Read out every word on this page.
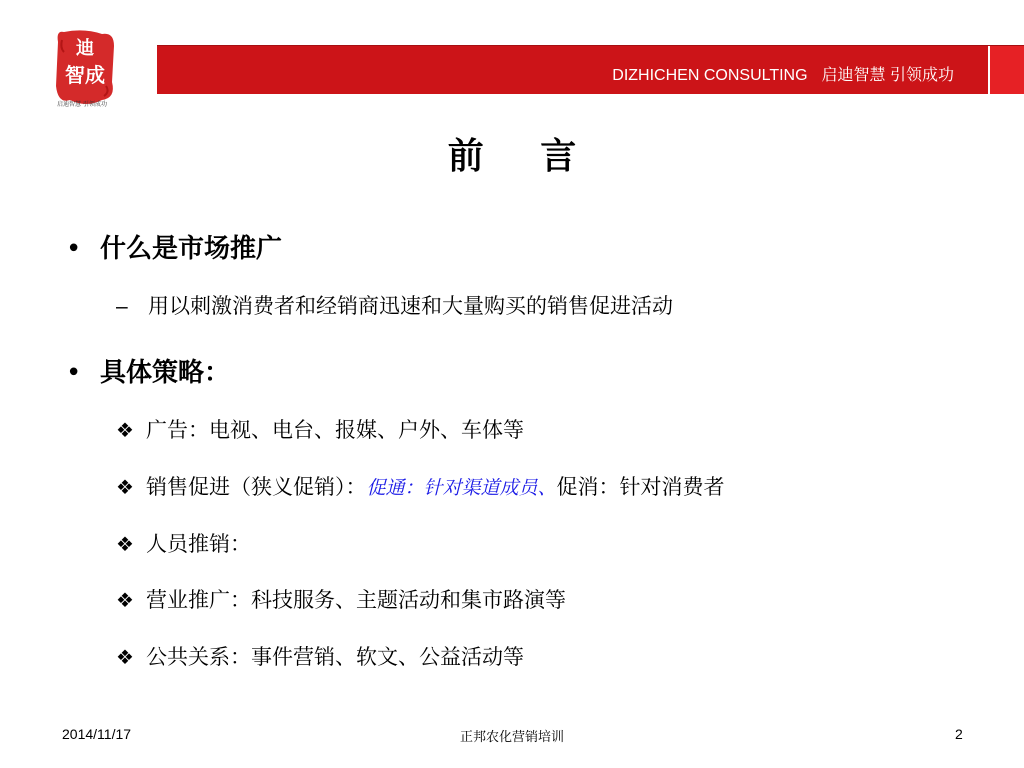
迪
智成
启迪智慧 引领成功
DIZHICHEN CONSULTING 启迪智慧 引领成功
前 言
• 什么是市场推广
– 用以刺激消费者和经销商迅速和大量购买的销售促进活动
• 具体策略：
❖ 广告：电视、电台、报媒、户外、车体等
❖ 销售促进（狭义促销）：促通：针对渠道成员、促消：针对消费者
❖ 人员推销：
❖ 营业推广：科技服务、主题活动和集市路演等
❖ 公共关系：事件营销、软文、公益活动等
2014/11/17	正邦农化营销培训	2
